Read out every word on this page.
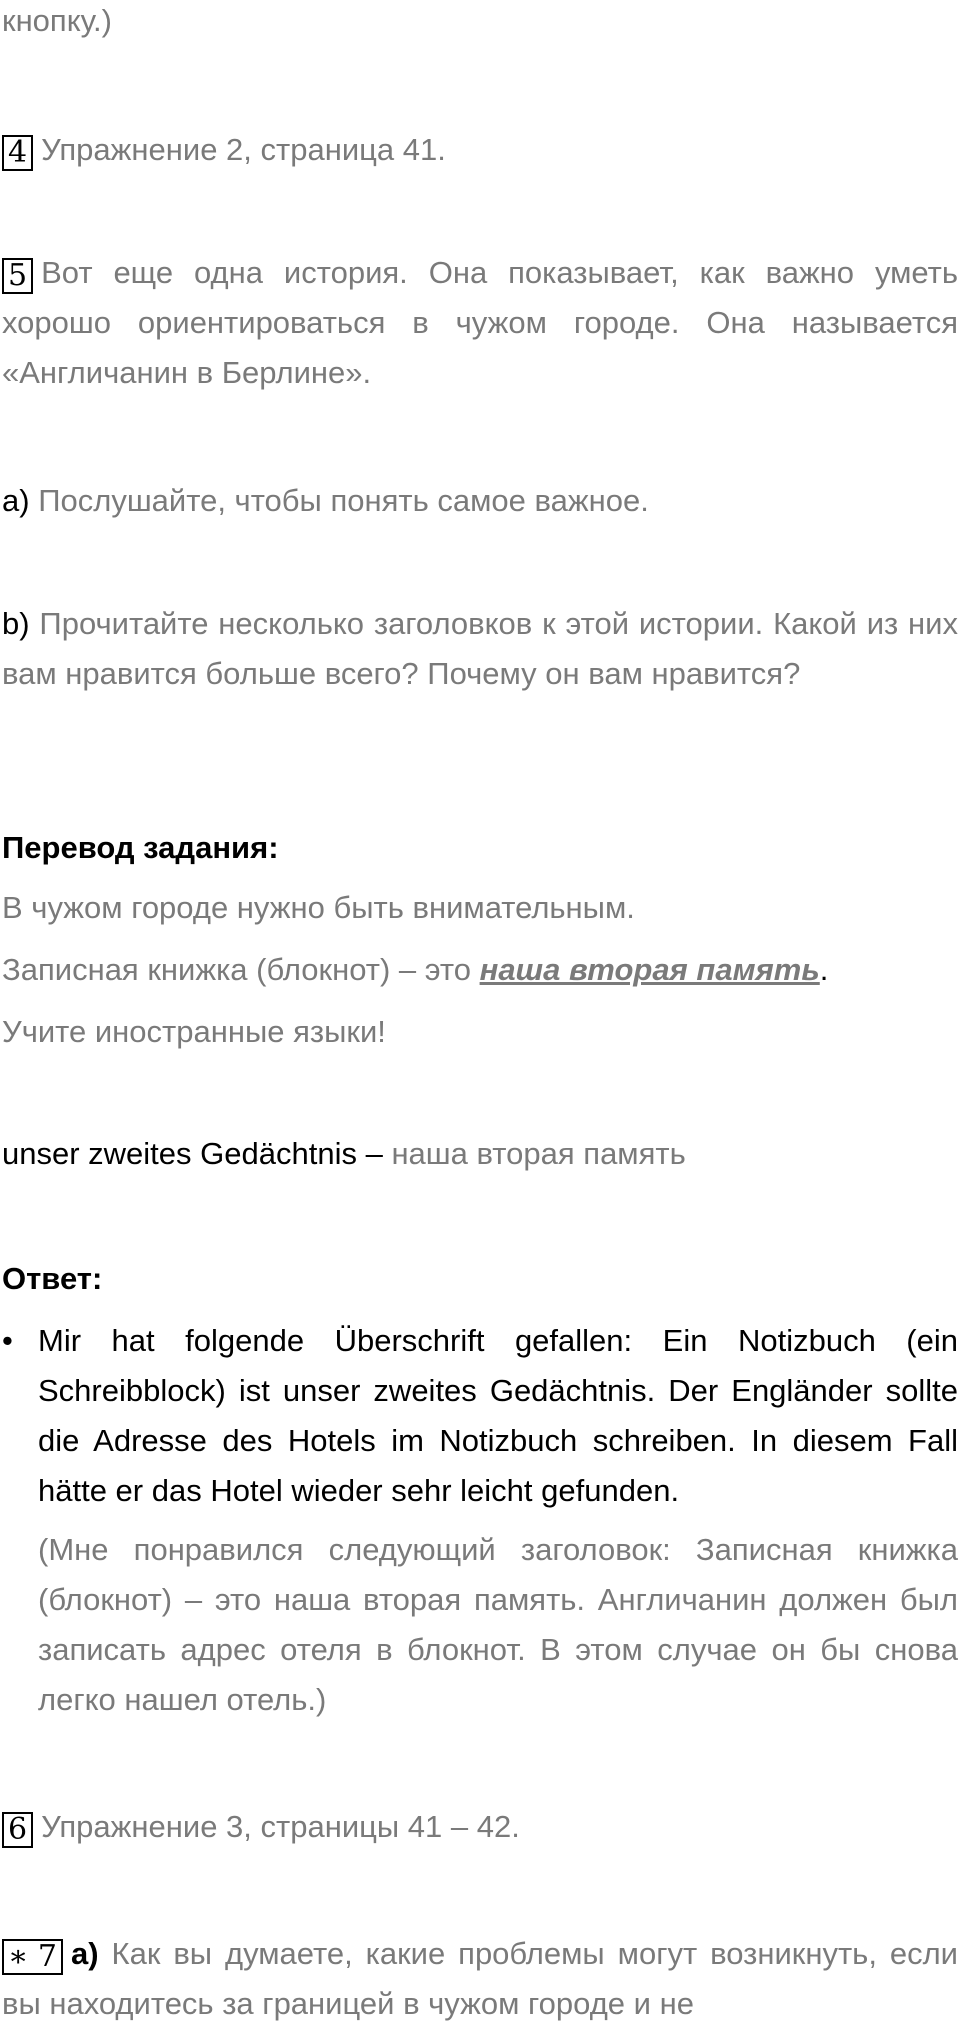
кнопку.)

4 Упражнение 2, страница 41.

5 Вот еще одна история. Она показывает, как важно уметь хорошо ориентироваться в чужом городе. Она называется «Англичанин в Берлине».

a) Послушайте, чтобы понять самое важное.

b) Прочитайте несколько заголовков к этой истории. Какой из них вам нравится больше всего? Почему он вам нравится?

Перевод задания:

В чужом городе нужно быть внимательным.

Записная книжка (блокнот) – это наша вторая память.

Учите иностранные языки!

unser zweites Gedächtnis – наша вторая память

Ответ:

• Mir hat folgende Überschrift gefallen: Ein Notizbuch (ein Schreibblock) ist unser zweites Gedächtnis. Der Engländer sollte die Adresse des Hotels im Notizbuch schreiben. In diesem Fall hätte er das Hotel wieder sehr leicht gefunden.

(Мне понравился следующий заголовок: Записная книжка (блокнот) – это наша вторая память. Англичанин должен был записать адрес отеля в блокнот. В этом случае он бы снова легко нашел отель.)

6 Упражнение 3, страницы 41 – 42.

∗ 7 a) Как вы думаете, какие проблемы могут возникнуть, если вы находитесь за границей в чужом городе и не
